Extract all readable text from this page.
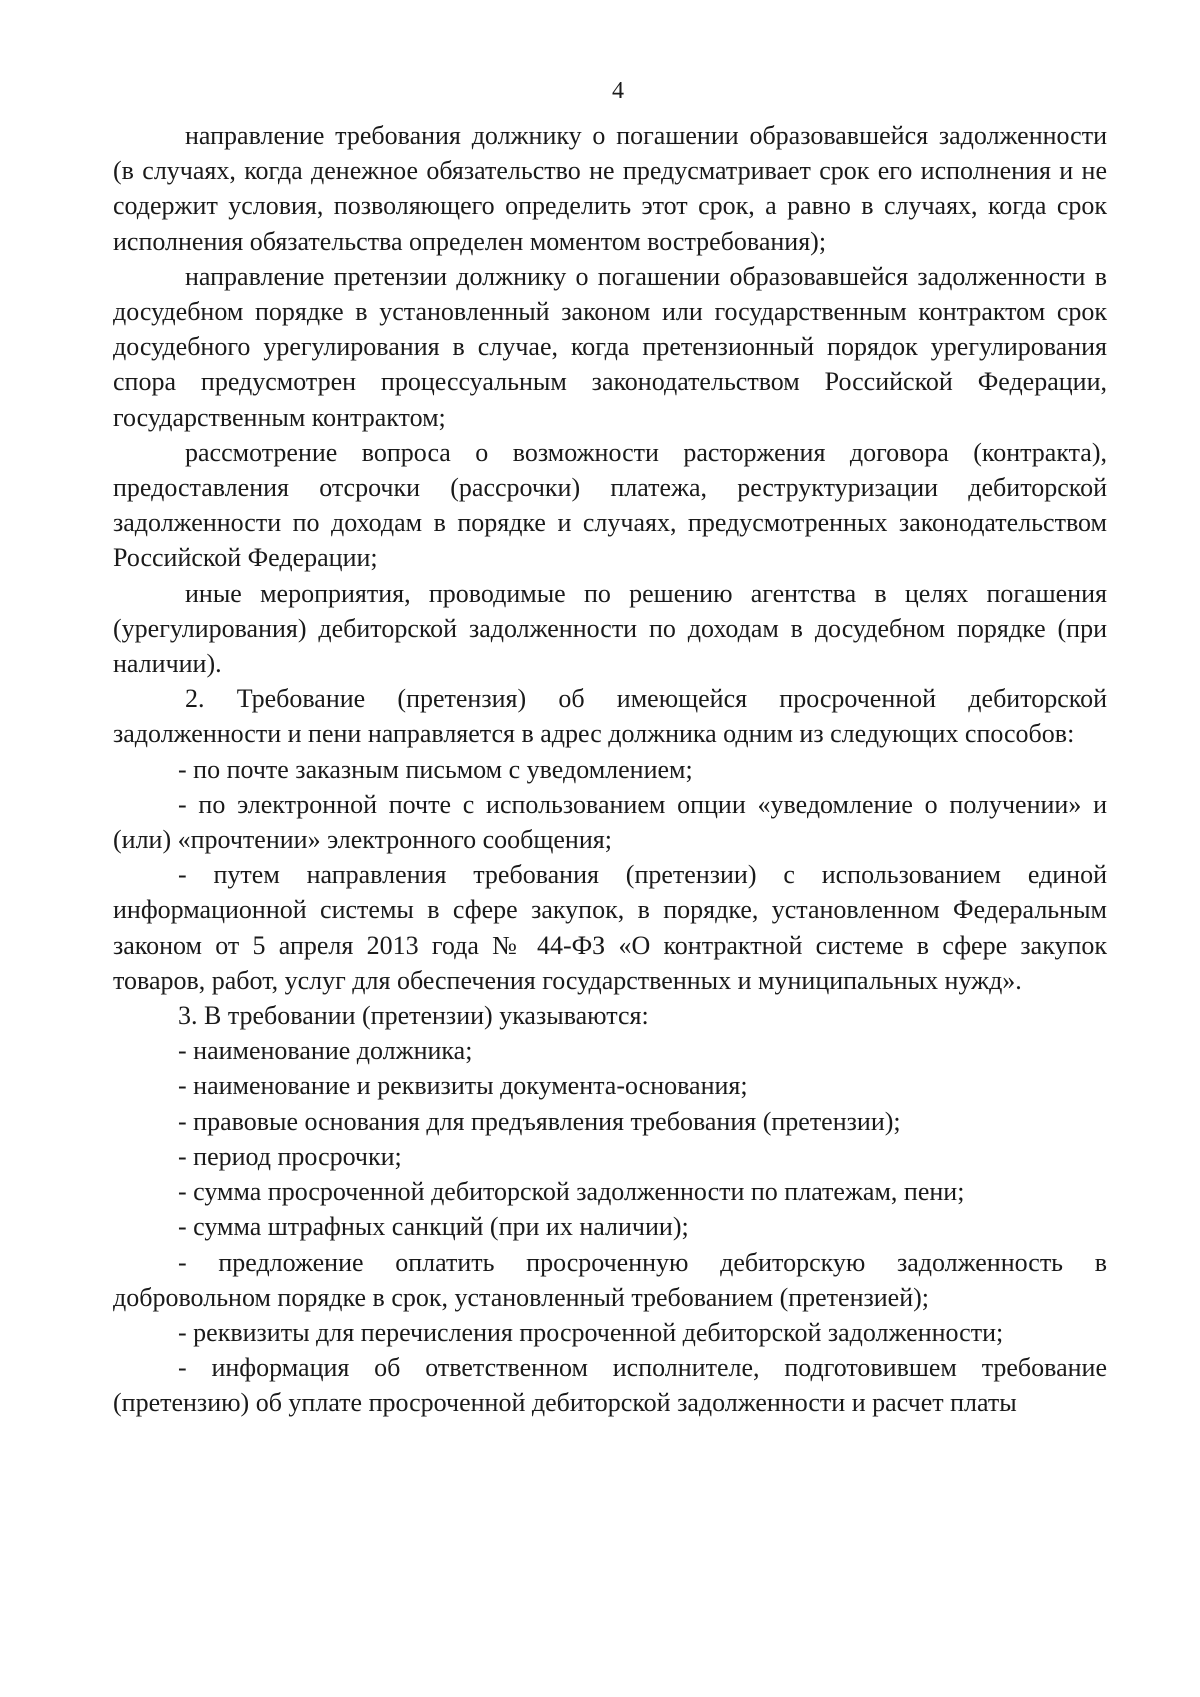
4

направление требования должнику о погашении образовавшейся задолженности (в случаях, когда денежное обязательство не предусматривает срок его исполнения и не содержит условия, позволяющего определить этот срок, а равно в случаях, когда срок исполнения обязательства определен моментом востребования);

направление претензии должнику о погашении образовавшейся задолженности в досудебном порядке в установленный законом или государственным контрактом срок досудебного урегулирования в случае, когда претензионный порядок урегулирования спора предусмотрен процессуальным законодательством Российской Федерации, государственным контрактом;

рассмотрение вопроса о возможности расторжения договора (контракта), предоставления отсрочки (рассрочки) платежа, реструктуризации дебиторской задолженности по доходам в порядке и случаях, предусмотренных законодательством Российской Федерации;

иные мероприятия, проводимые по решению агентства в целях погашения (урегулирования) дебиторской задолженности по доходам в досудебном порядке (при наличии).

2. Требование (претензия) об имеющейся просроченной дебиторской задолженности и пени направляется в адрес должника одним из следующих способов:

- по почте заказным письмом с уведомлением;

- по электронной почте с использованием опции «уведомление о получении» и (или) «прочтении» электронного сообщения;

- путем направления требования (претензии) с использованием единой информационной системы в сфере закупок, в порядке, установленном Федеральным законом от 5 апреля 2013 года № 44-ФЗ «О контрактной системе в сфере закупок товаров, работ, услуг для обеспечения государственных и муниципальных нужд».

3. В требовании (претензии) указываются:

- наименование должника;

- наименование и реквизиты документа-основания;

- правовые основания для предъявления требования (претензии);

- период просрочки;

- сумма просроченной дебиторской задолженности по платежам, пени;

- сумма штрафных санкций (при их наличии);

- предложение оплатить просроченную дебиторскую задолженность в добровольном порядке в срок, установленный требованием (претензией);

- реквизиты для перечисления просроченной дебиторской задолженности;

- информация об ответственном исполнителе, подготовившем требование (претензию) об уплате просроченной дебиторской задолженности и расчет платы
